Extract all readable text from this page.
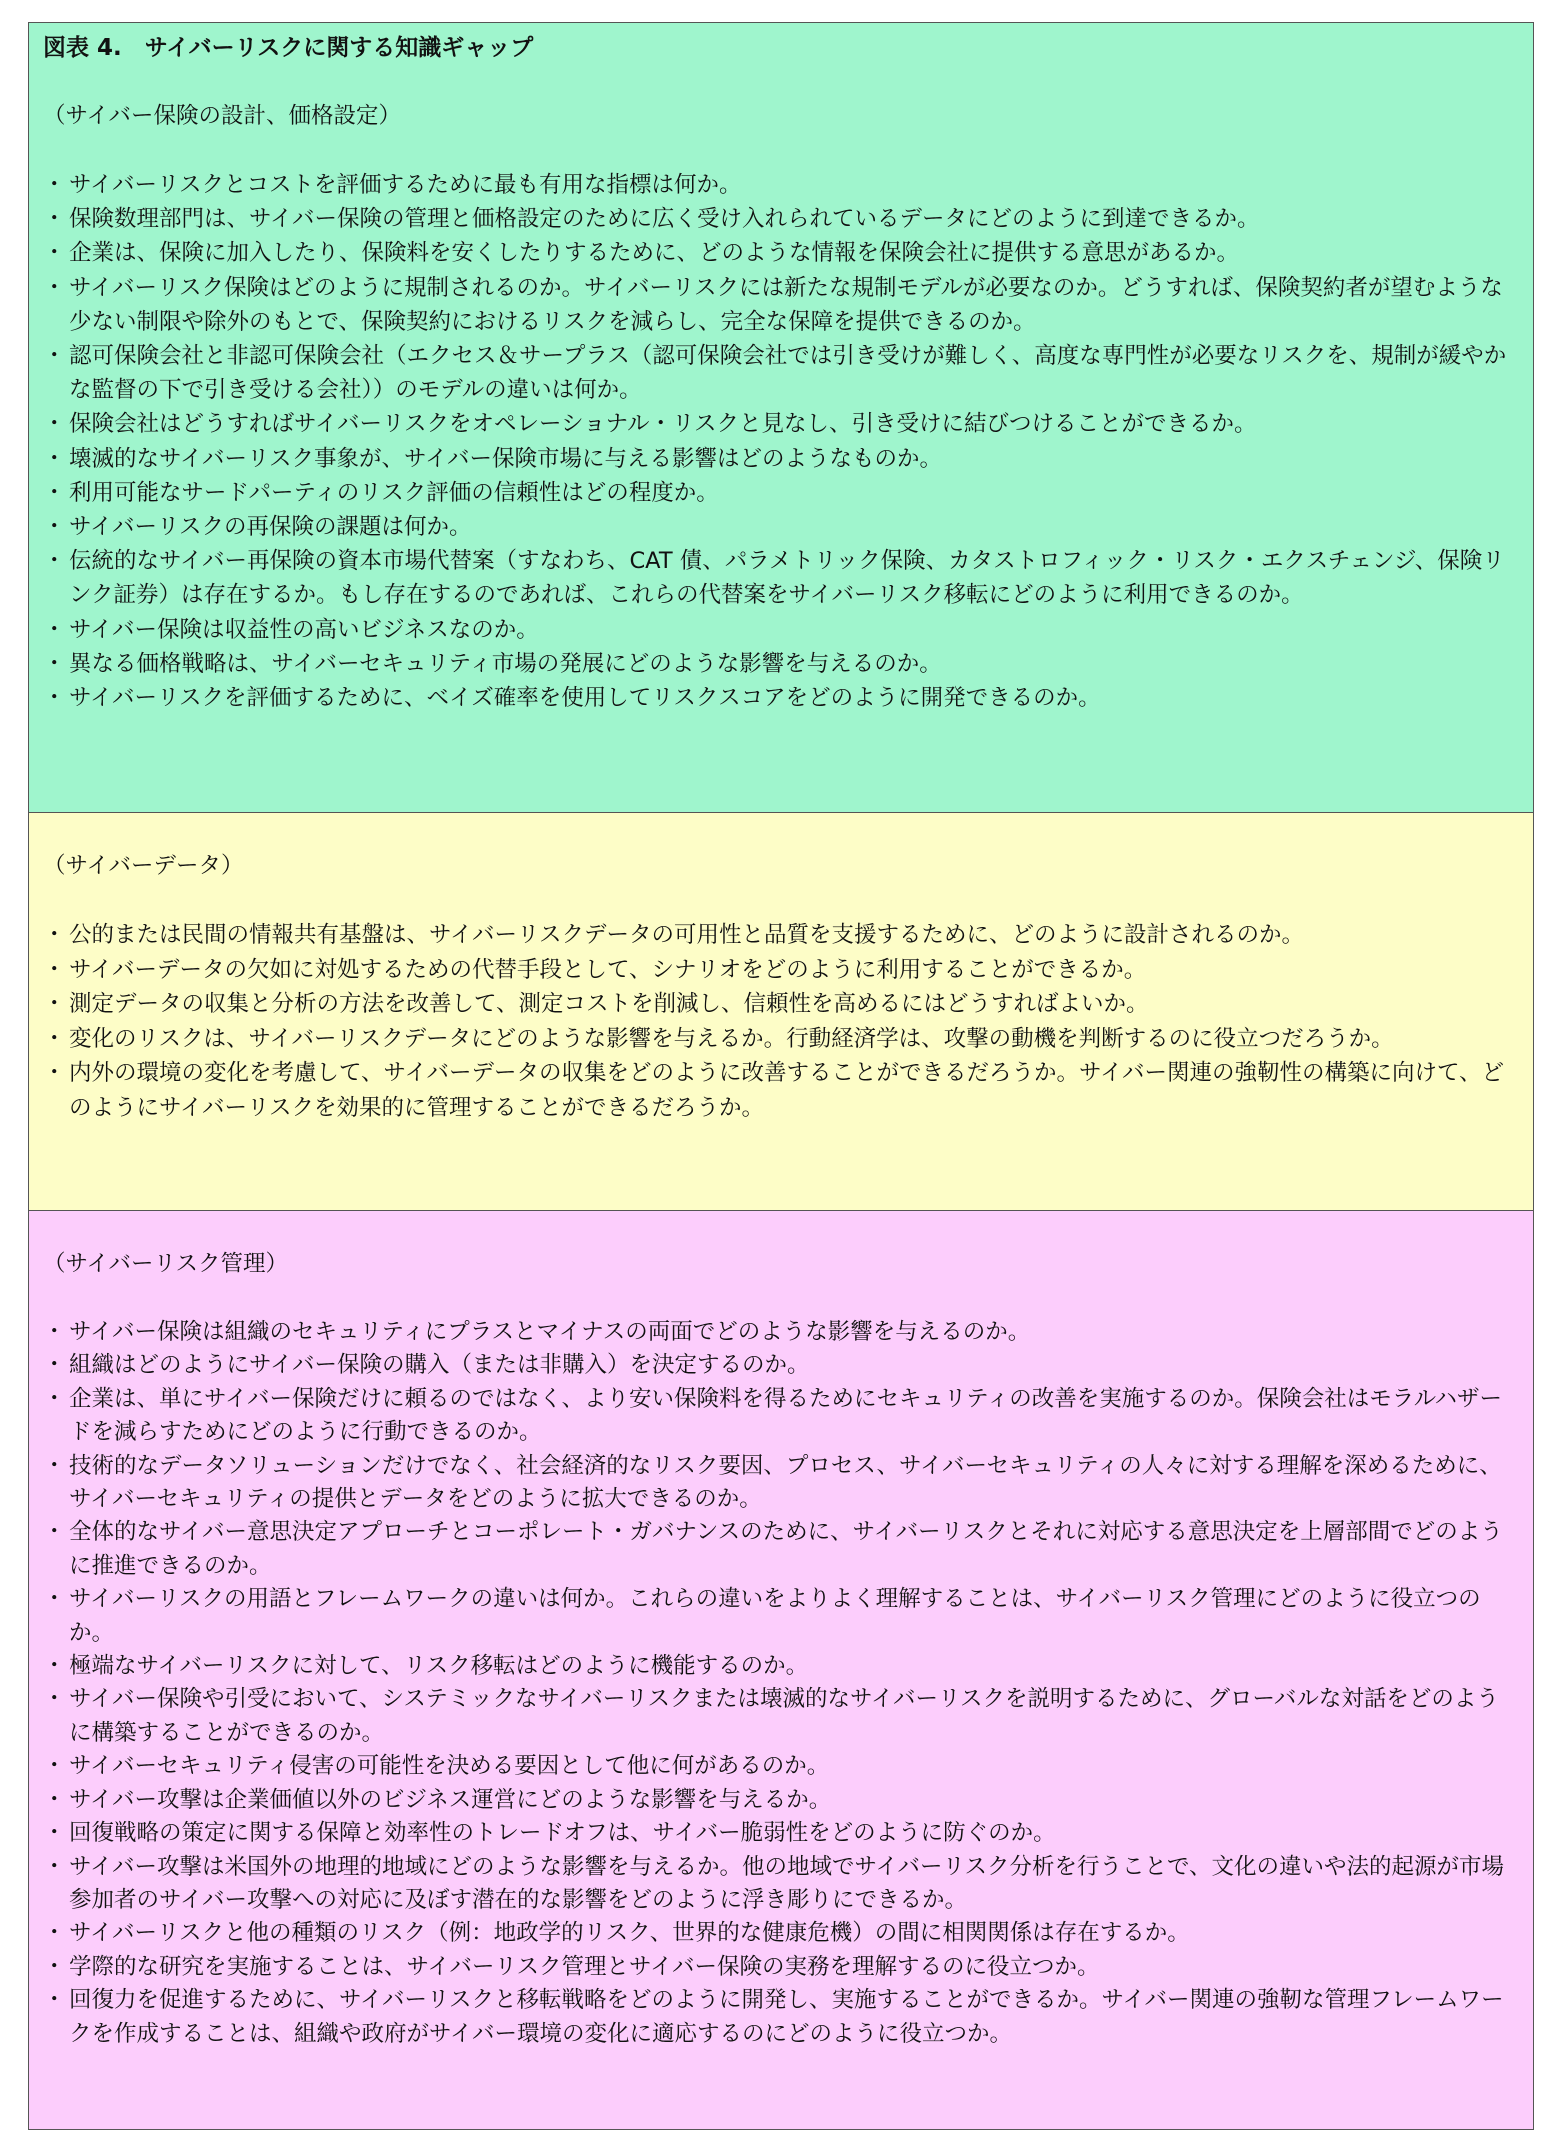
図表 4.　サイバーリスクに関する知識ギャップ
（サイバー保険の設計、価格設定）
・ サイバーリスクとコストを評価するために最も有用な指標は何か。
・ 保険数理部門は、サイバー保険の管理と価格設定のために広く受け入れられているデータにどのように到達できるか。
・ 企業は、保険に加入したり、保険料を安くしたりするために、どのような情報を保険会社に提供する意思があるか。
・ サイバーリスク保険はどのように規制されるのか。サイバーリスクには新たな規制モデルが必要なのか。どうすれば、保険契約者が望むような少ない制限や除外のもとで、保険契約におけるリスクを減らし、完全な保障を提供できるのか。
・ 認可保険会社と非認可保険会社（エクセス＆サープラス（認可保険会社では引き受けが難しく、高度な専門性が必要なリスクを、規制が緩やかな監督の下で引き受ける会社））のモデルの違いは何か。
・ 保険会社はどうすればサイバーリスクをオペレーショナル・リスクと見なし、引き受けに結びつけることができるか。
・ 壊滅的なサイバーリスク事象が、サイバー保険市場に与える影響はどのようなものか。
・ 利用可能なサードパーティのリスク評価の信頼性はどの程度か。
・ サイバーリスクの再保険の課題は何か。
・ 伝統的なサイバー再保険の資本市場代替案（すなわち、CAT 債、パラメトリック保険、カタストロフィック・リスク・エクスチェンジ、保険リンク証券）は存在するか。もし存在するのであれば、これらの代替案をサイバーリスク移転にどのように利用できるのか。
・ サイバー保険は収益性の高いビジネスなのか。
・ 異なる価格戦略は、サイバーセキュリティ市場の発展にどのような影響を与えるのか。
・ サイバーリスクを評価するために、ベイズ確率を使用してリスクスコアをどのように開発できるのか。
（サイバーデータ）
・ 公的または民間の情報共有基盤は、サイバーリスクデータの可用性と品質を支援するために、どのように設計されるのか。
・ サイバーデータの欠如に対処するための代替手段として、シナリオをどのように利用することができるか。
・ 測定データの収集と分析の方法を改善して、測定コストを削減し、信頼性を高めるにはどうすればよいか。
・ 変化のリスクは、サイバーリスクデータにどのような影響を与えるか。行動経済学は、攻撃の動機を判断するのに役立つだろうか。
・ 内外の環境の変化を考慮して、サイバーデータの収集をどのように改善することができるだろうか。サイバー関連の強靭性の構築に向けて、どのようにサイバーリスクを効果的に管理することができるだろうか。
（サイバーリスク管理）
・ サイバー保険は組織のセキュリティにプラスとマイナスの両面でどのような影響を与えるのか。
・ 組織はどのようにサイバー保険の購入（または非購入）を決定するのか。
・ 企業は、単にサイバー保険だけに頼るのではなく、より安い保険料を得るためにセキュリティの改善を実施するのか。保険会社はモラルハザードを減らすためにどのように行動できるのか。
・ 技術的なデータソリューションだけでなく、社会経済的なリスク要因、プロセス、サイバーセキュリティの人々に対する理解を深めるために、サイバーセキュリティの提供とデータをどのように拡大できるのか。
・ 全体的なサイバー意思決定アプローチとコーポレート・ガバナンスのために、サイバーリスクとそれに対応する意思決定を上層部間でどのように推進できるのか。
・ サイバーリスクの用語とフレームワークの違いは何か。これらの違いをよりよく理解することは、サイバーリスク管理にどのように役立つのか。
・ 極端なサイバーリスクに対して、リスク移転はどのように機能するのか。
・ サイバー保険や引受において、システミックなサイバーリスクまたは壊滅的なサイバーリスクを説明するために、グローバルな対話をどのように構築することができるのか。
・ サイバーセキュリティ侵害の可能性を決める要因として他に何があるのか。
・ サイバー攻撃は企業価値以外のビジネス運営にどのような影響を与えるか。
・ 回復戦略の策定に関する保障と効率性のトレードオフは、サイバー脆弱性をどのように防ぐのか。
・ サイバー攻撃は米国外の地理的地域にどのような影響を与えるか。他の地域でサイバーリスク分析を行うことで、文化の違いや法的起源が市場参加者のサイバー攻撃への対応に及ぼす潜在的な影響をどのように浮き彫りにできるか。
・ サイバーリスクと他の種類のリスク（例：地政学的リスク、世界的な健康危機）の間に相関関係は存在するか。
・ 学際的な研究を実施することは、サイバーリスク管理とサイバー保険の実務を理解するのに役立つか。
・ 回復力を促進するために、サイバーリスクと移転戦略をどのように開発し、実施することができるか。サイバー関連の強靭な管理フレームワークを作成することは、組織や政府がサイバー環境の変化に適応するのにどのように役立つか。
